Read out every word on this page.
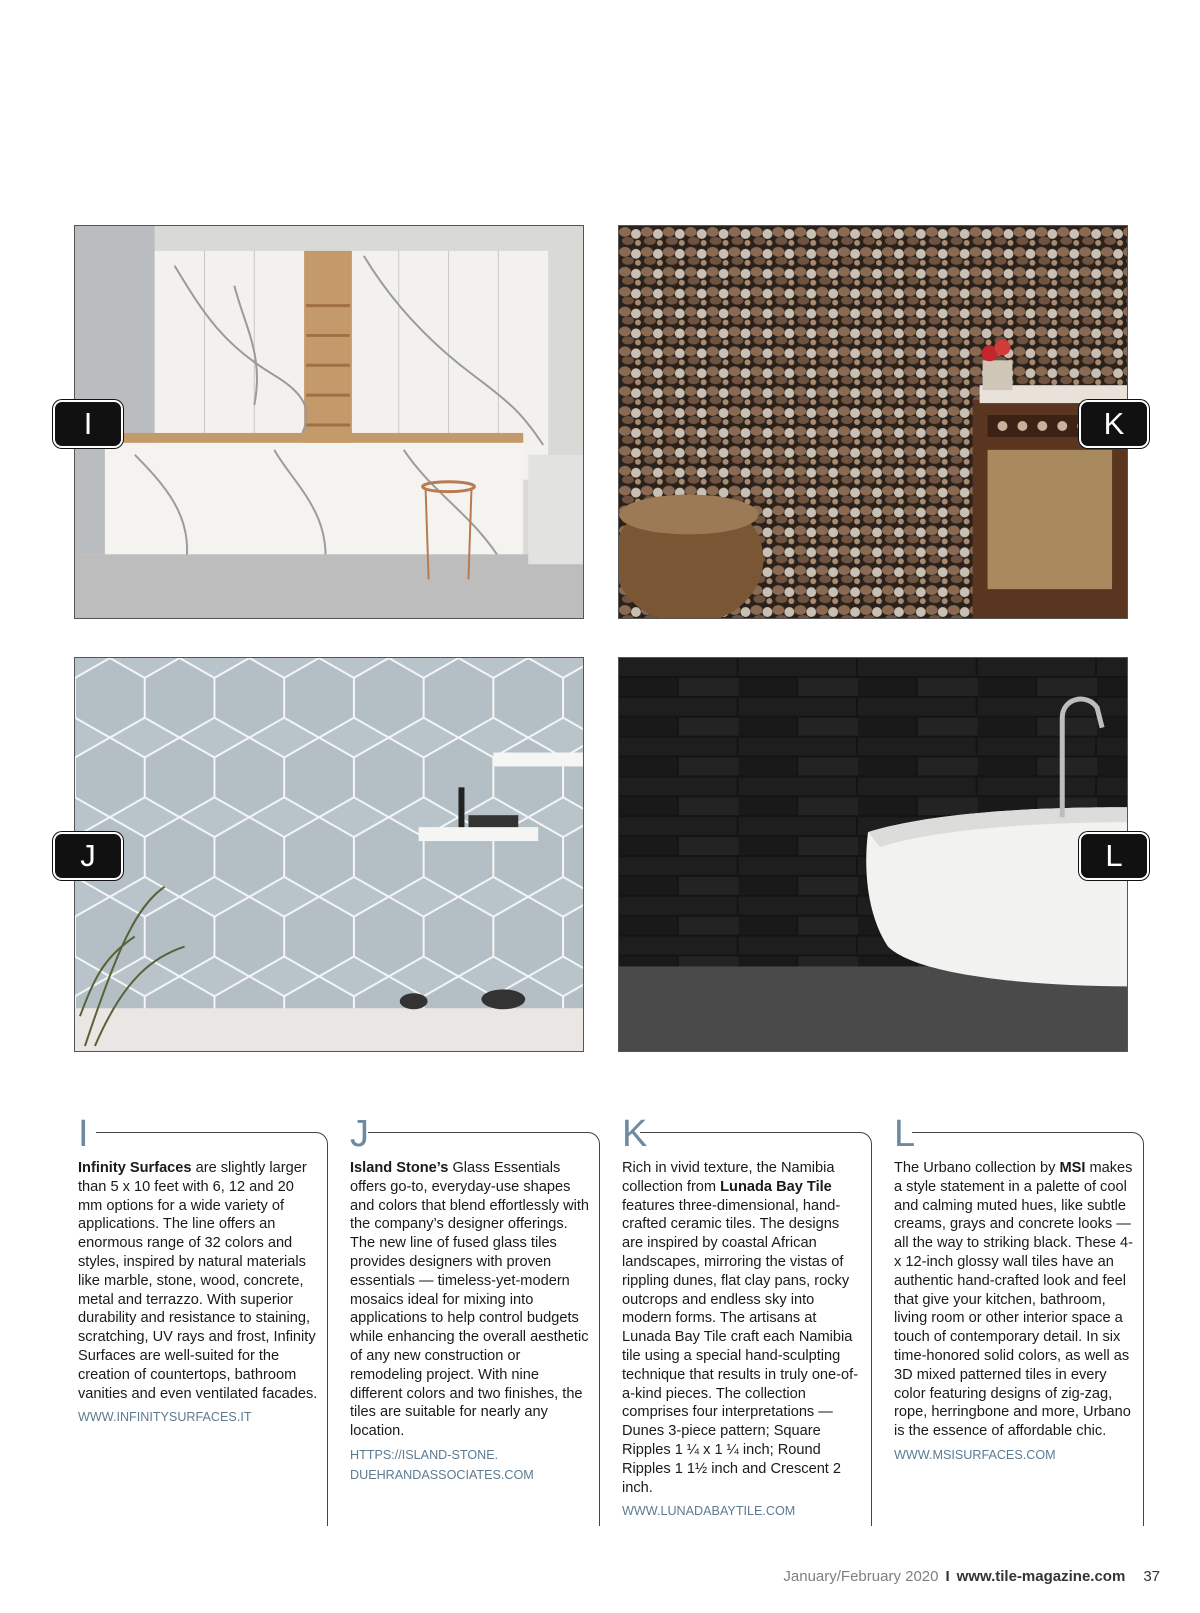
I	K
J	L
I

Infinity Surfaces are slightly larger than 5 x 10 feet with 6, 12 and 20 mm options for a wide variety of applications. The line offers an enormous range of 32 colors and styles, inspired by natural materials like marble, stone, wood, concrete, metal and terrazzo. With superior durability and resistance to staining, scratching, UV rays and frost, Infinity Surfaces are well-suited for the creation of countertops, bathroom vanities and even ventilated facades.

WWW.INFINITYSURFACES.IT
J

Island Stone’s Glass Essentials offers go-to, everyday-use shapes and colors that blend effortlessly with the company’s designer offerings. The new line of fused glass tiles provides designers with proven essentials — timeless-yet-modern mosaics ideal for mixing into applications to help control budgets while enhancing the overall aesthetic of any new construction or remodeling project. With nine different colors and two finishes, the tiles are suitable for nearly any location.

HTTPS://ISLAND-STONE.
DUEHRANDASSOCIATES.COM
K

Rich in vivid texture, the Namibia collection from Lunada Bay Tile features three-dimensional, hand-crafted ceramic tiles. The designs are inspired by coastal African landscapes, mirroring the vistas of rippling dunes, flat clay pans, rocky outcrops and endless sky into modern forms. The artisans at Lunada Bay Tile craft each Namibia tile using a special hand-sculpting technique that results in truly one-of-a-kind pieces. The collection comprises four interpretations — Dunes 3-piece pattern; Square Ripples 1 ¼ x 1 ¼ inch; Round Ripples 1 1½ inch and Crescent 2 inch.

WWW.LUNADABAYTILE.COM
L

The Urbano collection by MSI makes a style statement in a palette of cool and calming muted hues, like subtle creams, grays and concrete looks — all the way to striking black. These 4- x 12-inch glossy wall tiles have an authentic hand-crafted look and feel that give your kitchen, bathroom, living room or other interior space a touch of contemporary detail. In six time-honored solid colors, as well as 3D mixed patterned tiles in every color featuring designs of zig-zag, rope, herringbone and more, Urbano is the essence of affordable chic.

WWW.MSISURFACES.COM
January/February 2020 I www.tile-magazine.com 37
